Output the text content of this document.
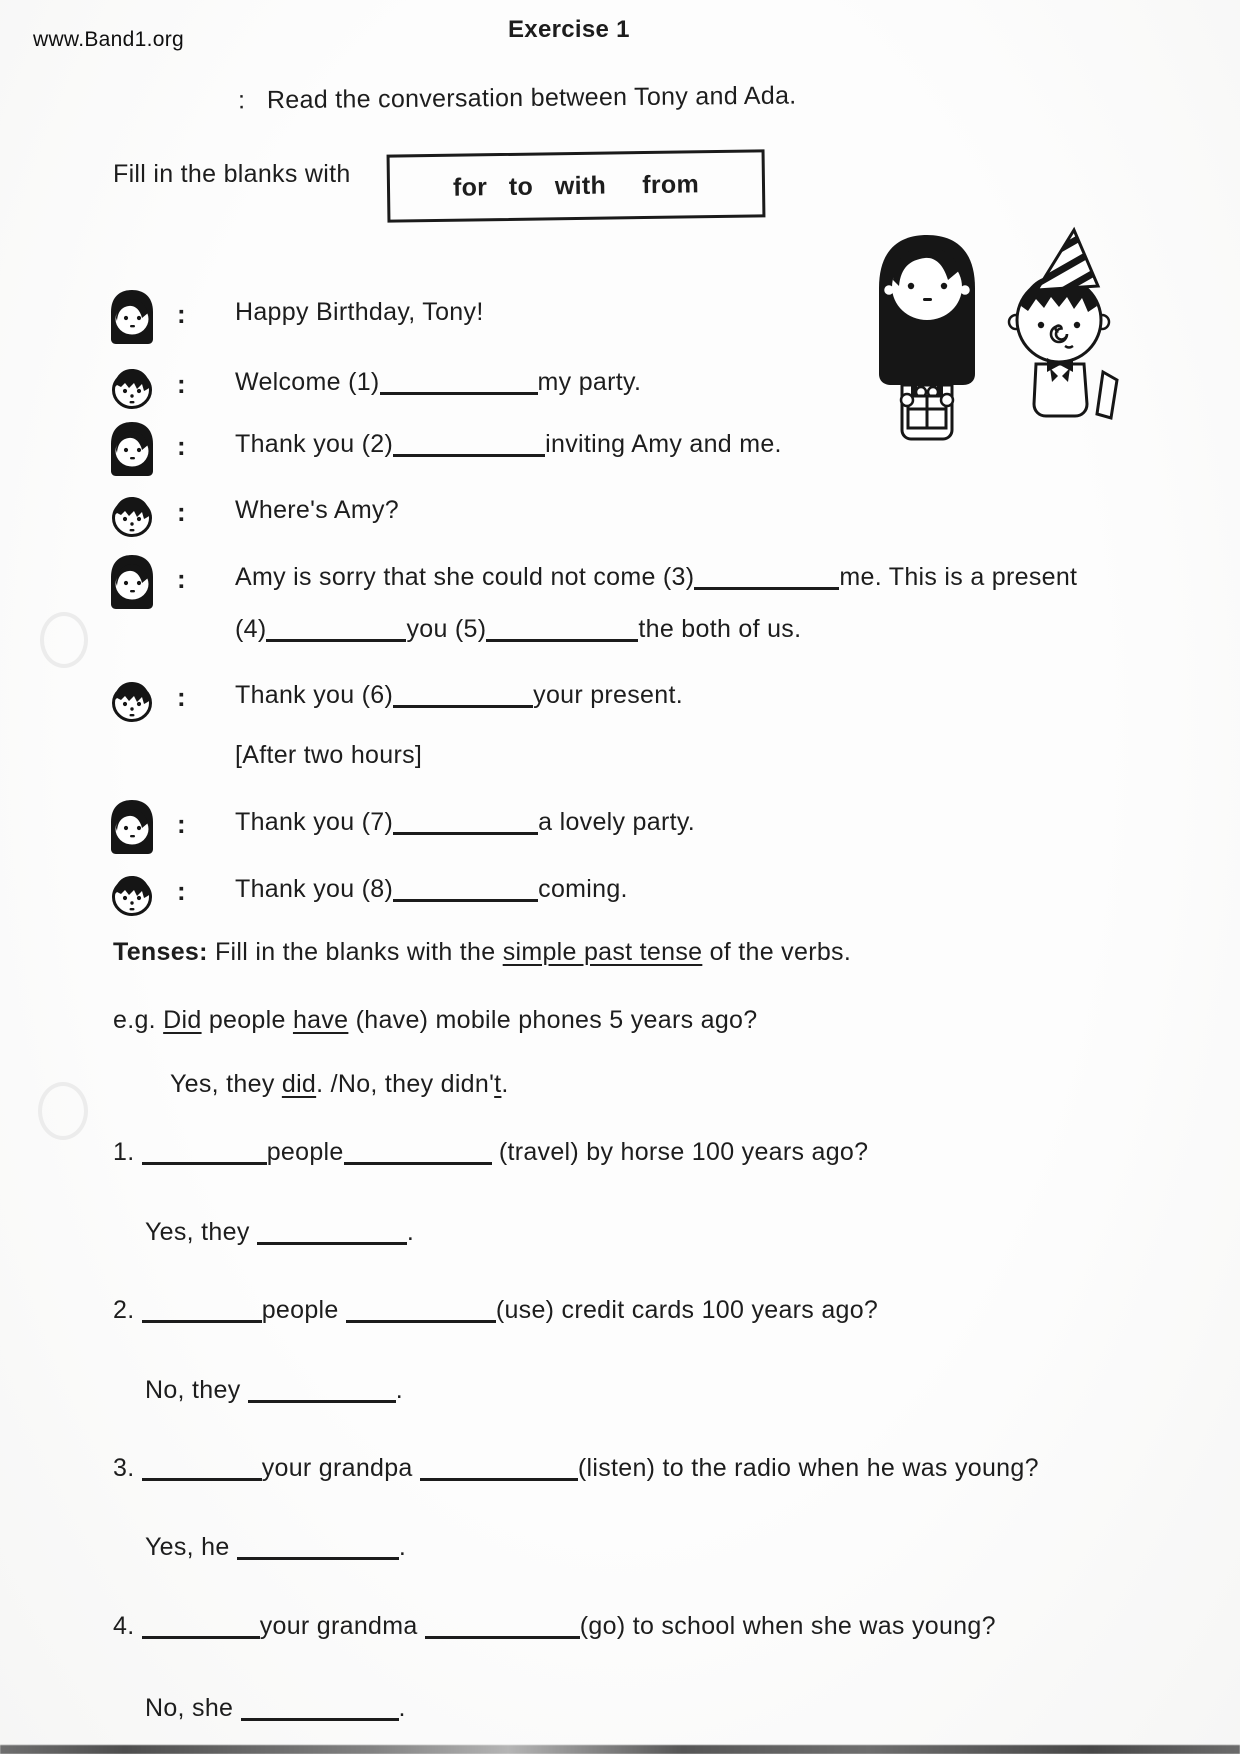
www.Band1.org	Exercise 1
:   Read the conversation between Tony and Ada.
Fill in the blanks with	for   to   with     from
: Happy Birthday, Tony!
: Welcome (1)	my party.
: Thank you (2)	inviting Amy and me.
: Where's Amy?
: Amy is sorry that she could not come (3)	me. This is a present
(4)	you (5)	the both of us.
: Thank you (6)	your present.
[After two hours]
: Thank you (7)	a lovely party.
: Thank you (8)	coming.
Tenses: Fill in the blanks with the simple past tense of the verbs.
e.g. Did people have (have) mobile phones 5 years ago?
Yes, they did. /No, they didn't.
1.	people	(travel) by horse 100 years ago?
Yes, they	.
2.	people	(use) credit cards 100 years ago?
No, they	.
3.	your grandpa	(listen) to the radio when he was young?
Yes, he	.
4.	your grandma	(go) to school when she was young?
No, she	.
